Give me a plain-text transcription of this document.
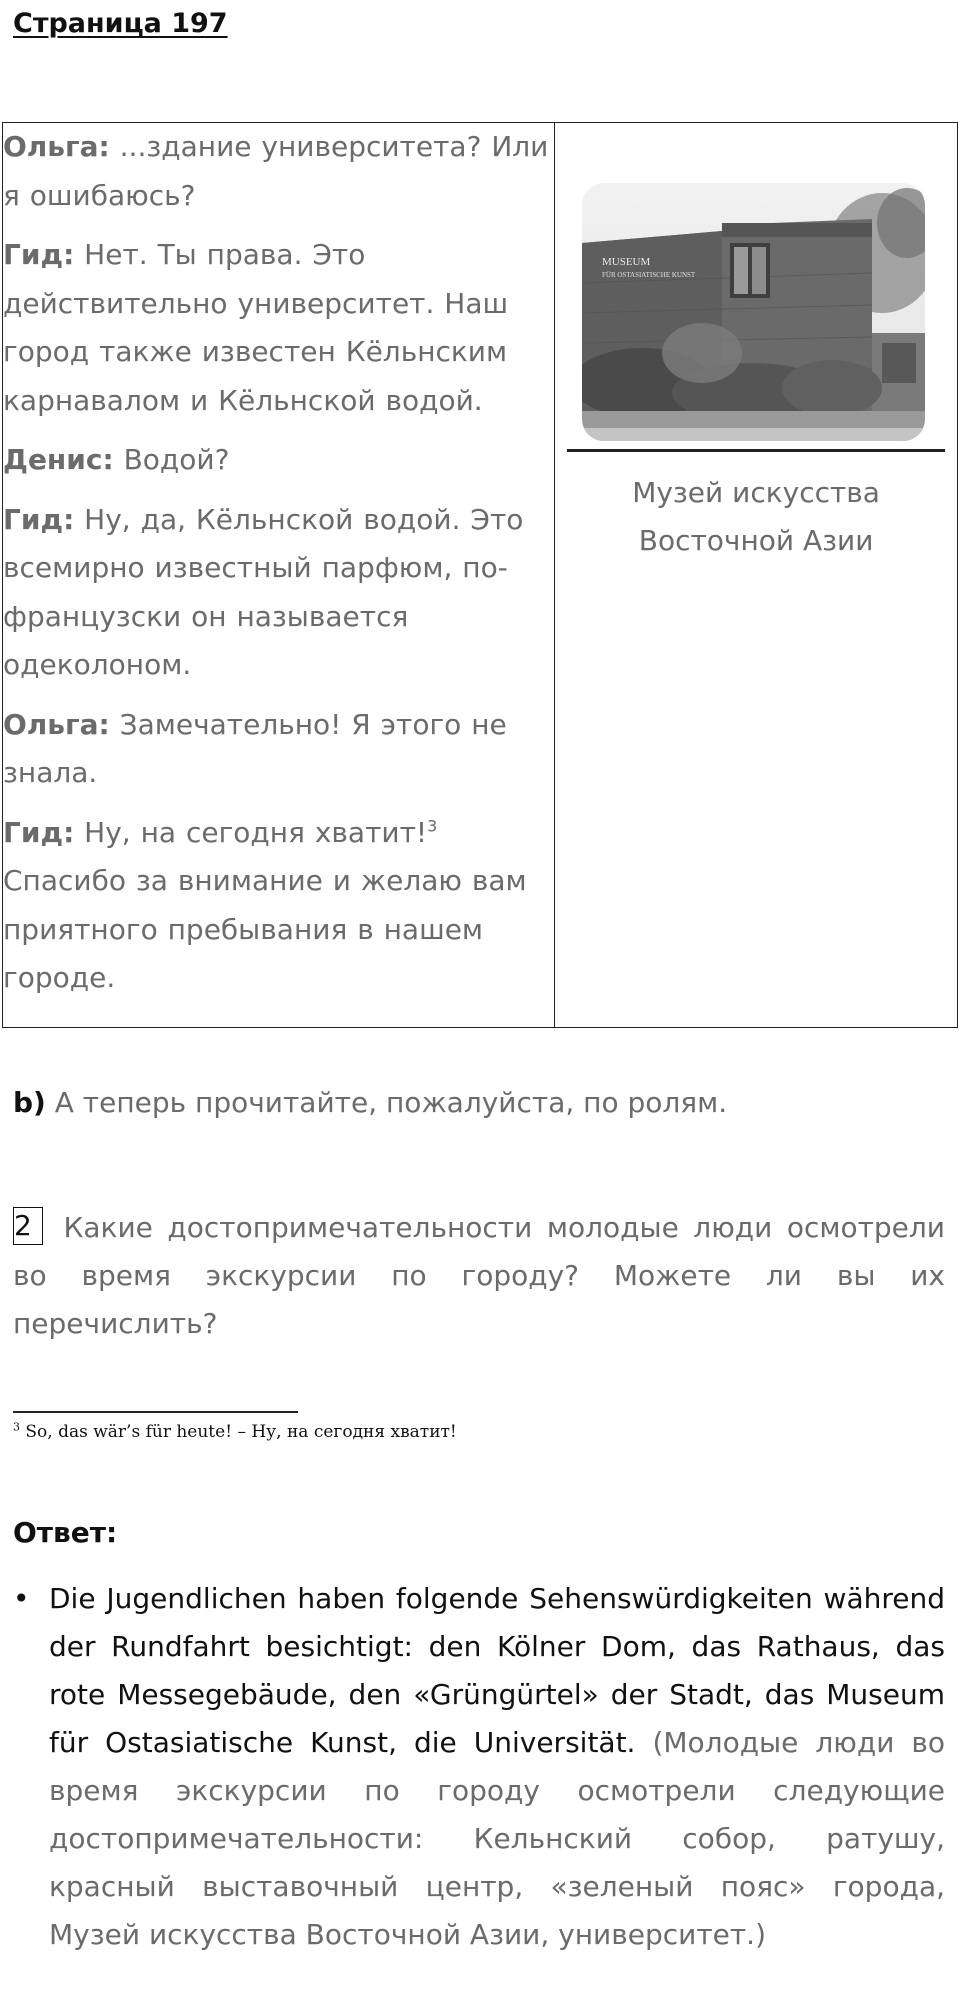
Страница 197
Ольга: ...здание университета? Или я ошибаюсь?
Гид: Нет. Ты права. Это действительно университет. Наш город также известен Кёльнским карнавалом и Кёльнской водой.
Денис: Водой?
Гид: Ну, да, Кёльнской водой. Это всемирно известный парфюм, по-французски он называется одеколоном.
Ольга: Замечательно! Я этого не знала.
Гид: Ну, на сегодня хватит!$^3$
Спасибо за внимание и желаю вам приятного пребывания в нашем городе.

MUSEUM
FÜR OSTASIATISCHE KUNST
Музей искусства Восточной Азии
b) А теперь прочитайте, пожалуйста, по ролям.
2 Какие достопримечательности молодые люди осмотрели во время экскурсии по городу? Можете ли вы их перечислить?
$^3$ So, das wär’s für heute! – Ну, на сегодня хватит!
Ответ:
• Die Jugendlichen haben folgende Sehenswürdigkeiten während der Rundfahrt besichtigt: den Kölner Dom, das Rathaus, das rote Messegebäude, den «Grüngürtel» der Stadt, das Museum für Ostasiatische Kunst, die Universität. (Молодые люди во время экскурсии по городу осмотрели следующие достопримечательности: Кельнский собор, ратушу, красный выставочный центр, «зеленый пояс» города, Музей искусства Восточной Азии, университет.)
